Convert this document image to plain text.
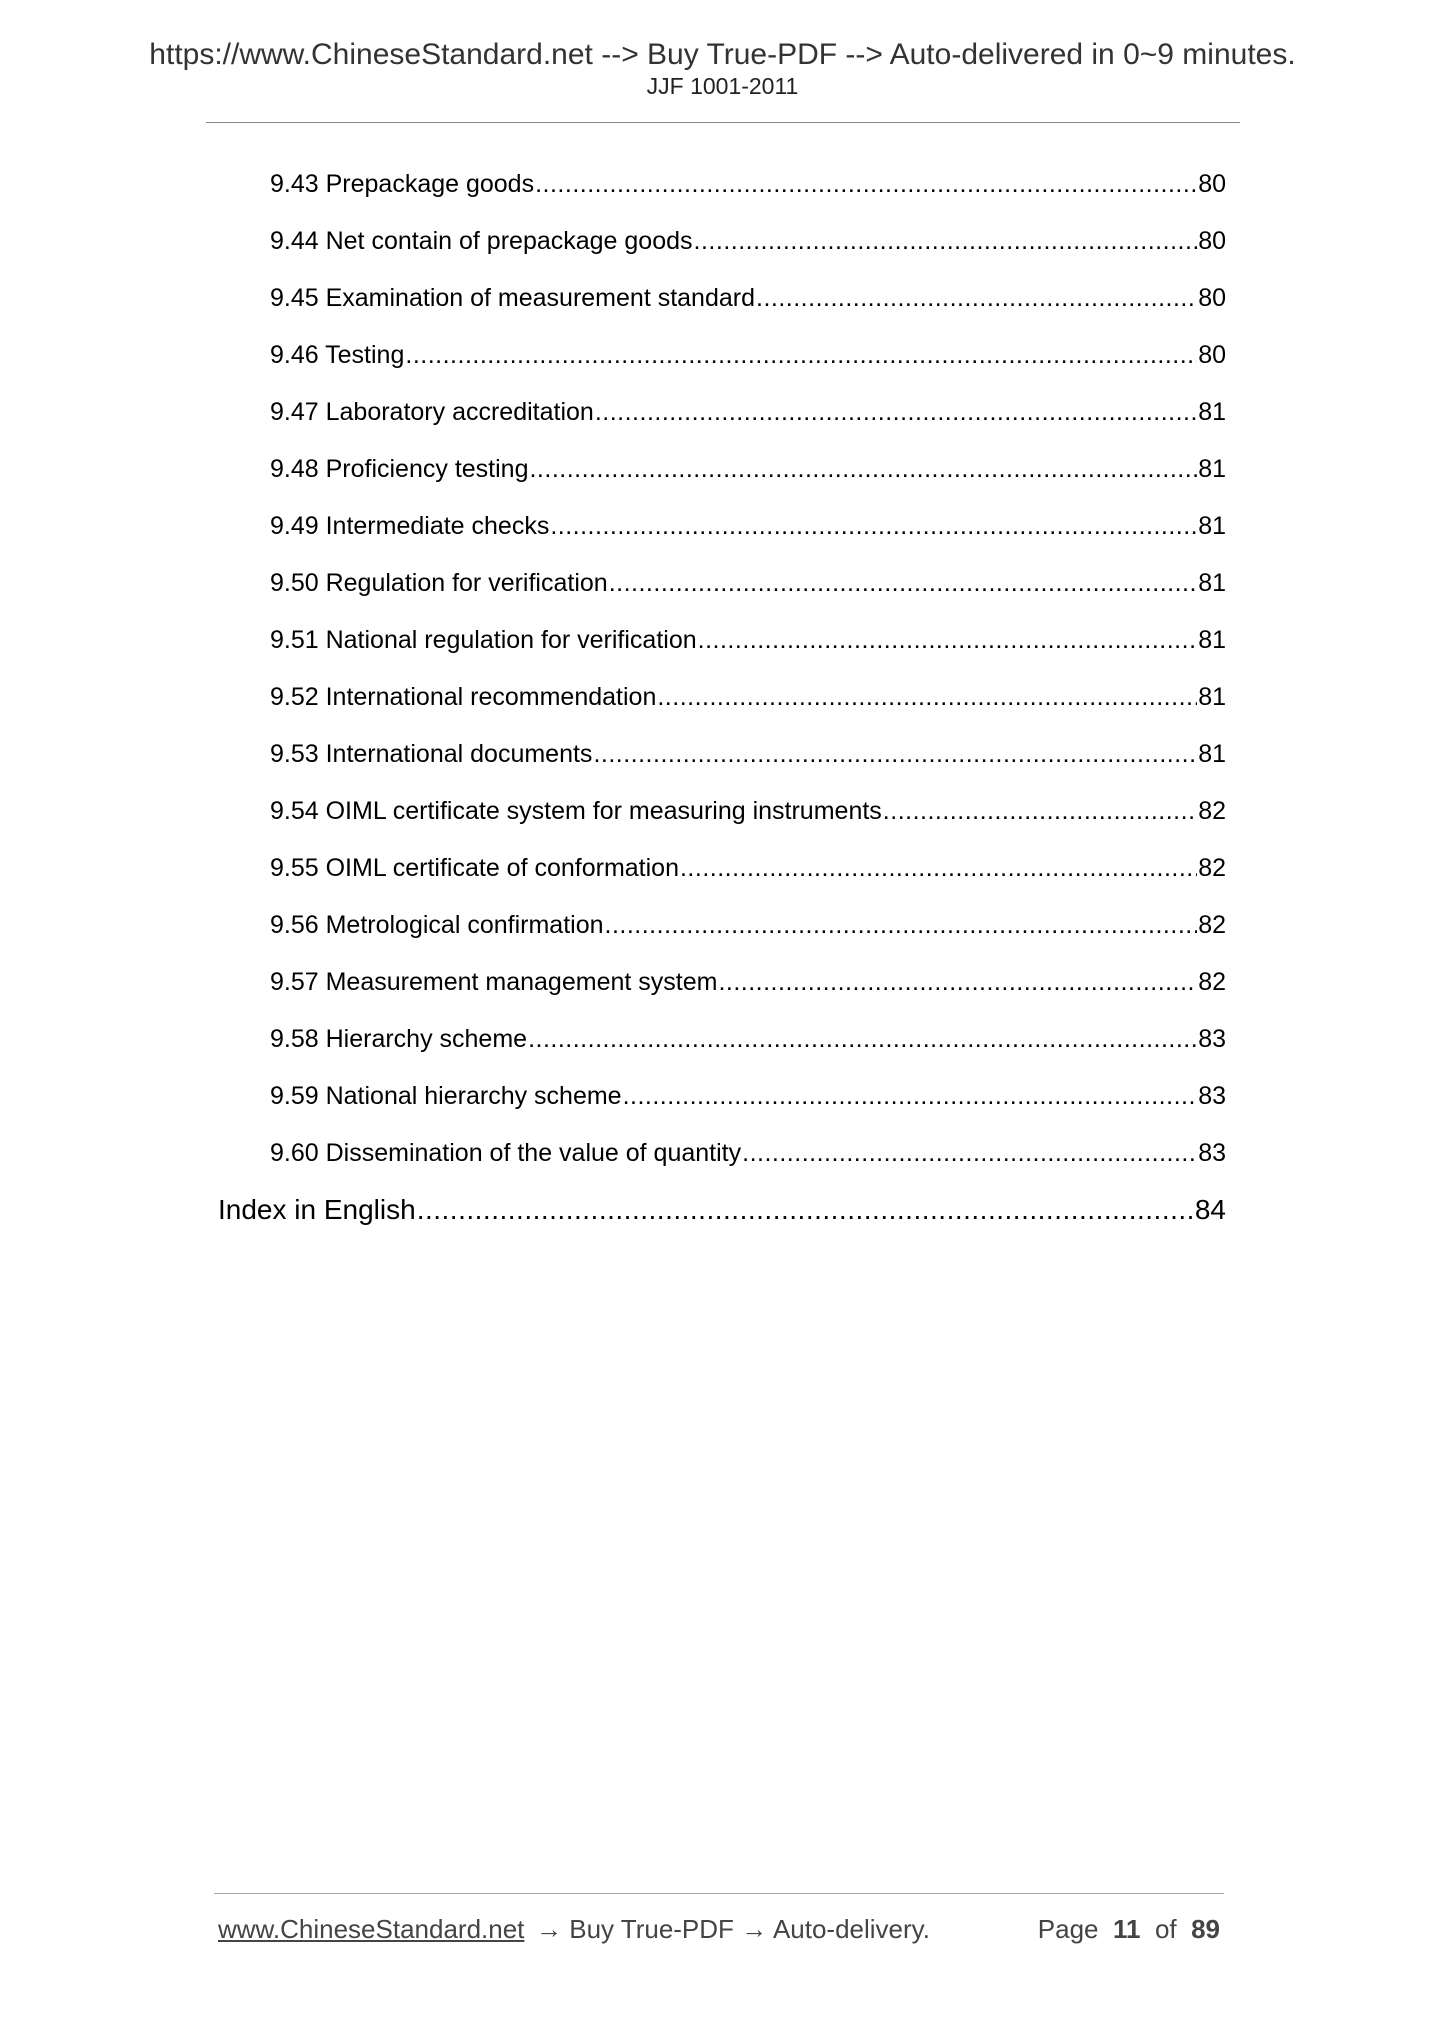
https://www.ChineseStandard.net --> Buy True-PDF --> Auto-delivered in 0~9 minutes.
JJF 1001-2011
9.43 Prepackage goods .....	80
9.44 Net contain of prepackage goods .....	80
9.45 Examination of measurement standard .....	80
9.46 Testing .....	80
9.47 Laboratory accreditation .....	81
9.48 Proficiency testing .....	81
9.49 Intermediate checks .....	81
9.50 Regulation for verification .....	81
9.51 National regulation for verification .....	81
9.52 International recommendation .....	81
9.53 International documents .....	81
9.54 OIML certificate system for measuring instruments .....	82
9.55 OIML certificate of conformation .....	82
9.56 Metrological confirmation .....	82
9.57 Measurement management system .....	82
9.58 Hierarchy scheme .....	83
9.59 National hierarchy scheme .....	83
9.60 Dissemination of the value of quantity .....	83
Index in English .....	84
www.ChineseStandard.net → Buy True-PDF → Auto-delivery.	Page 11 of 89
